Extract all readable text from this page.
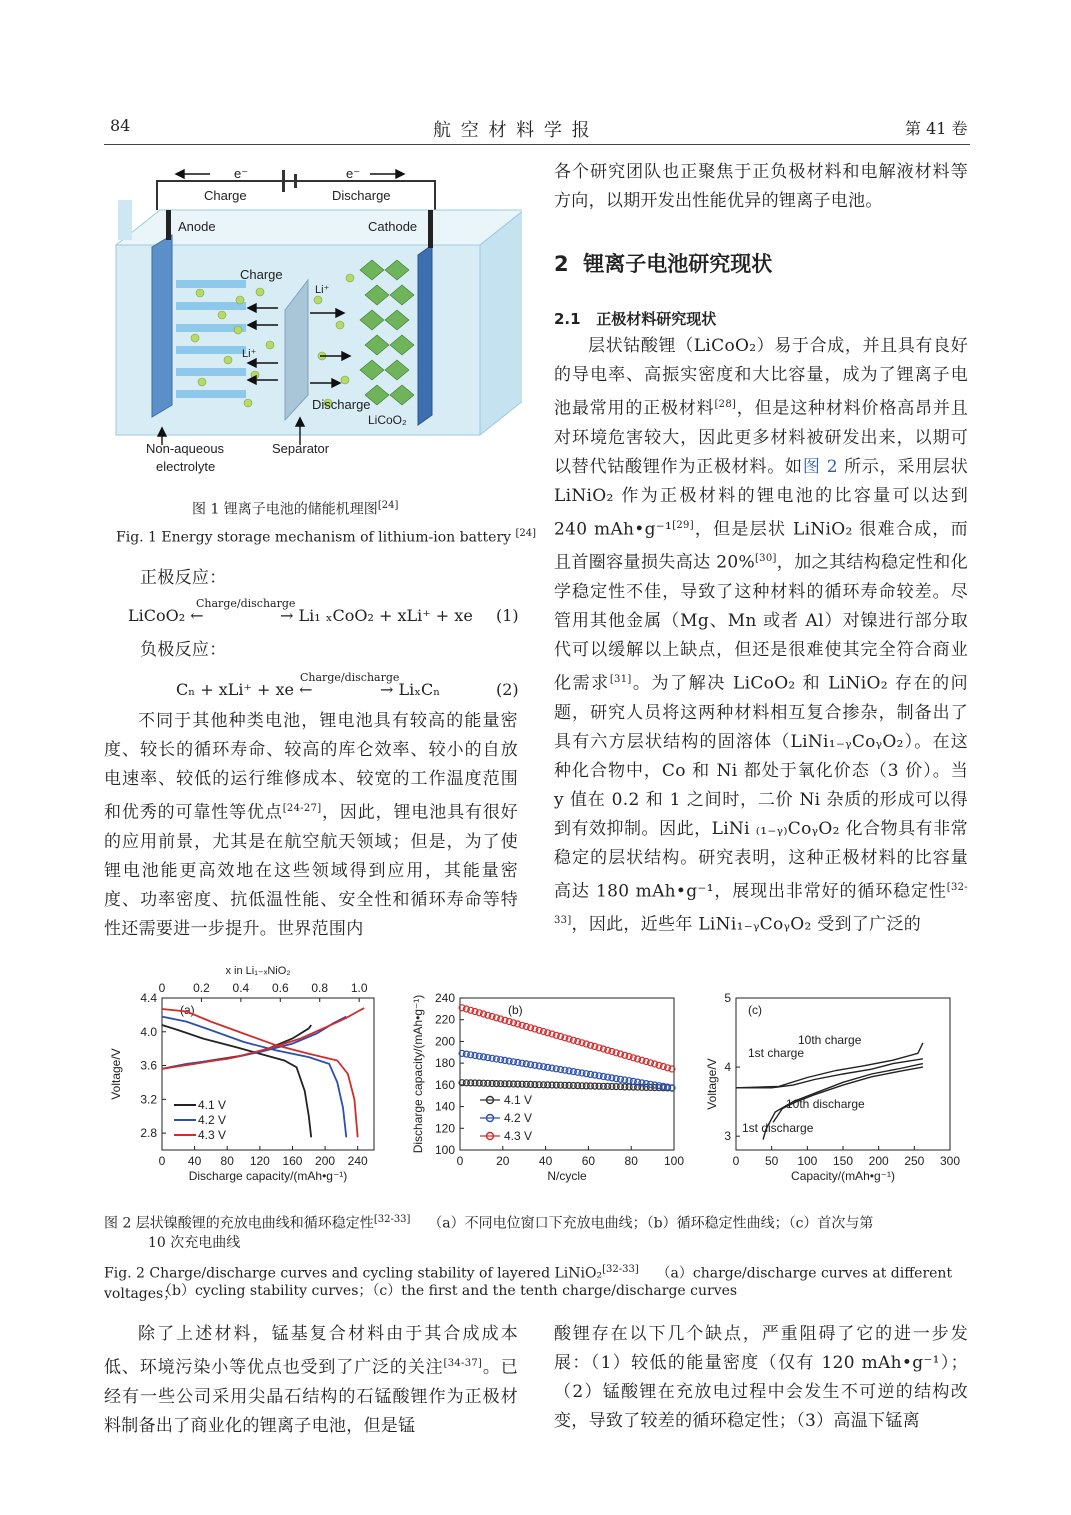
84	航 空 材 料 学 报	第 41 卷
e⁻
Charge
e⁻
Discharge
Anode	Cathode
Charge
Li⁺
Li⁺
Discharge
LiCoO₂
Non-aqueous
electrolyte
Separator
图 1 锂离子电池的储能机理图[24]
Fig. 1 Energy storage mechanism of lithium-ion battery [24]
正极反应：
LiCoO₂ ←
Charge/discharge
→ Li₁ ₓCoO₂ + xLi⁺ + xe (1)
负极反应：
Cₙ + xLi⁺ + xe ←
Charge/discharge
→ LiₓCₙ	(2)

不同于其他种类电池，锂电池具有较高的能量密度、较长的循环寿命、较高的库仑效率、较小的自放电速率、较低的运行维修成本、较宽的工作温度范围和优秀的可靠性等优点[24-27]，因此，锂电池具有很好的应用前景，尤其是在航空航天领域；但是，为了使锂电池能更高效地在这些领域得到应用，其能量密度、功率密度、抗低温性能、安全性和循环寿命等特性还需要进一步提升。世界范围内

各个研究团队也正聚焦于正负极材料和电解液材料等方向，以期开发出性能优异的锂离子电池。

2 锂离子电池研究现状
2.1 正极材料研究现状

层状钴酸锂（LiCoO₂）易于合成，并且具有良好的导电率、高振实密度和大比容量，成为了锂离子电池最常用的正极材料[28]，但是这种材料价格高昂并且对环境危害较大，因此更多材料被研发出来，以期可以替代钴酸锂作为正极材料。如图 2 所示，采用层状 LiNiO₂ 作为正极材料的锂电池的比容量可以达到 240 mAh•g⁻¹[29]，但是层状 LiNiO₂ 很难合成，而且首圈容量损失高达 20%[30]，加之其结构稳定性和化学稳定性不佳，导致了这种材料的循环寿命较差。尽管用其他金属（Mg、Mn 或者 Al）对镍进行部分取代可以缓解以上缺点，但还是很难使其完全符合商业化需求[31]。为了解决 LiCoO₂ 和 LiNiO₂ 存在的问题，研究人员将这两种材料相互复合掺杂，制备出了具有六方层状结构的固溶体（LiNi₁₋ᵧCoᵧO₂）。在这种化合物中，Co 和 Ni 都处于氧化价态（3 价）。当 y 值在 0.2 和 1 之间时，二价 Ni 杂质的形成可以得到有效抑制。因此，LiNi ₍₁₋ᵧ₎CoᵧO₂ 化合物具有非常稳定的层状结构。研究表明，这种正极材料的比容量高达 180 mAh•g⁻¹，展现出非常好的循环稳定性[32-33]，因此，近些年 LiNi₁₋ᵧCoᵧO₂ 受到了广泛的

0 40 80 120 160 200 240
2.8
3.2
3.6
4.0
4.4
Discharge capacity/(mAh•g⁻¹)
Voltage/V
(a)
0 0.2 0.4 0.6 0.8 1.0
x in Li₁₋ₓNiO₂
4.1 V
4.2 V
4.3 V
0	20 40 60 80 100
100
120
140
160
180
200
220
240
N/cycle
Discharge capacity/(mAh•g⁻¹)	(b)
4.1 V
4.2 V
4.3 V
0 50 100 150 200 250 300
3
4
5
Capacity/(mAh•g⁻¹)
Voltage/V
(c)
10th charge
1st charge
10th discharge
1st discharge
图 2 层状镍酸锂的充放电曲线和循环稳定性[32-33] （a）不同电位窗口下充放电曲线；（b）循环稳定性曲线；（c）首次与第
10 次充电曲线
Fig. 2 Charge/discharge curves and cycling stability of layered LiNiO₂[32-33] （a）charge/discharge curves at different voltages；
（b）cycling stability curves；（c）the first and the tenth charge/discharge curves

除了上述材料，锰基复合材料由于其合成成本低、环境污染小等优点也受到了广泛的关注[34-37]。已经有一些公司采用尖晶石结构的石锰酸锂作为正极材料制备出了商业化的锂离子电池，但是锰

酸锂存在以下几个缺点，严重阻碍了它的进一步发展：（1）较低的能量密度（仅有 120 mAh•g⁻¹）；（2）锰酸锂在充放电过程中会发生不可逆的结构改变，导致了较差的循环稳定性；（3）高温下锰离
